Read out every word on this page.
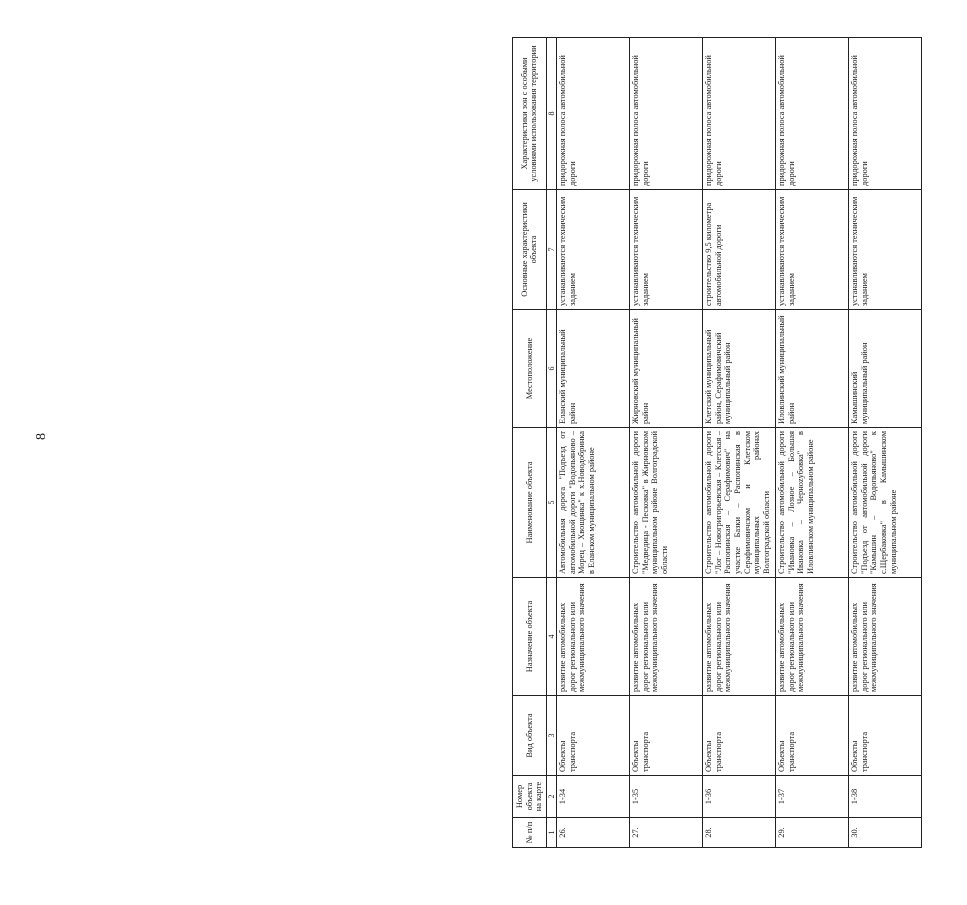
8
№ п/п	Номер объекта на карте	Вид объекта	Назначение объекта	Наименование объекта	Местоположение	Основные характеристики объекта	Характеристики зон с особыми условиями использования территории
1	2	3	4	5	6	7	8
26.	1-34	Объекты транспорта	развитие автомобильных дорог регионального или межмуниципального значения	Автомобильная дорога "Подъезд от автомобильной дороги "Водопьяново – Морец – Хвощинка" к х.Новодобринка в Еланском муниципальном районе	Еланский муниципальный район	устанавливаются техническим заданием	придорожная полоса автомобильной дороги
27.	1-35	Объекты транспорта	развитие автомобильных дорог регионального или межмуниципального значения	Строительство автомобильной дороги "Медведица - Песковка" в Жирновском муниципальном районе Волгоградской области	Жирновский муниципальный район	устанавливаются техническим заданием	придорожная полоса автомобильной дороги
28.	1-36	Объекты транспорта	развитие автомобильных дорог регионального или межмуниципального значения	Строительство автомобильной дороги "Лог – Новогригорьевская – Клетская – Распопинская – Серафимович" на участке Базки – Распопинская в Серафимовичском и Клетском муниципальных районах Волгоградской области	Клетский муниципальный район, Серафимовичский муниципальный район	строительство 9,5 километра автомобильной дороги	придорожная полоса автомобильной дороги
29.	1-37	Объекты транспорта	развитие автомобильных дорог регионального или межмуниципального значения	Строительство автомобильной дороги "Ивановка – Лозное – Большая Ивановка – Черноzубовка" в Иловлинском муниципальном районе	Иловлинский муниципальный район	устанавливаются техническим заданием	придорожная полоса автомобильной дороги
30.	1-38	Объекты транспорта	развитие автомобильных дорог регионального или межмуниципального значения	Строительство автомобильной дороги "Подъезд от автомобильной дороги "Камышин – Водопьяново" к с.Щербаковка" в Камышинском муниципальном районе	Камышинский муниципальный район	устанавливаются техническим заданием	придорожная полоса автомобильной дороги
